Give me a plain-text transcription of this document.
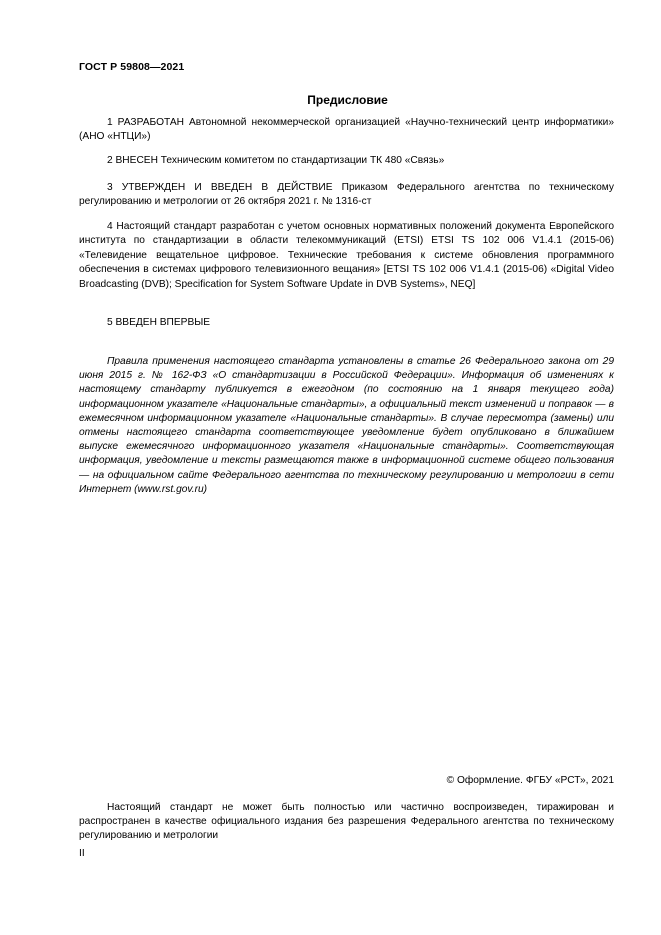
ГОСТ Р 59808—2021
Предисловие

1 РАЗРАБОТАН Автономной некоммерческой организацией «Научно-технический центр информатики» (АНО «НТЦИ»)

2 ВНЕСЕН Техническим комитетом по стандартизации ТК 480 «Связь»

3 УТВЕРЖДЕН И ВВЕДЕН В ДЕЙСТВИЕ Приказом Федерального агентства по техническому регулированию и метрологии от 26 октября 2021 г. № 1316-ст

4 Настоящий стандарт разработан с учетом основных нормативных положений документа Европейского института по стандартизации в области телекоммуникаций (ETSI) ETSI TS 102 006 V1.4.1 (2015-06) «Телевидение вещательное цифровое. Технические требования к системе обновления программного обеспечения в системах цифрового телевизионного вещания» [ETSI TS 102 006 V1.4.1 (2015-06) «Digital Video Broadcasting (DVB); Specification for System Software Update in DVB Systems», NEQ]

5 ВВЕДЕН ВПЕРВЫЕ

Правила применения настоящего стандарта установлены в статье 26 Федерального закона от 29 июня 2015 г. № 162-ФЗ «О стандартизации в Российской Федерации». Информация об изменениях к настоящему стандарту публикуется в ежегодном (по состоянию на 1 января текущего года) информационном указателе «Национальные стандарты», а официальный текст изменений и поправок — в ежемесячном информационном указателе «Национальные стандарты». В случае пересмотра (замены) или отмены настоящего стандарта соответствующее уведомление будет опубликовано в ближайшем выпуске ежемесячного информационного указателя «Национальные стандарты». Соответствующая информация, уведомление и тексты размещаются также в информационной системе общего пользования — на официальном сайте Федерального агентства по техническому регулированию и метрологии в сети Интернет (www.rst.gov.ru)

© Оформление. ФГБУ «РСТ», 2021

Настоящий стандарт не может быть полностью или частично воспроизведен, тиражирован и распространен в качестве официального издания без разрешения Федерального агентства по техническому регулированию и метрологии

II
